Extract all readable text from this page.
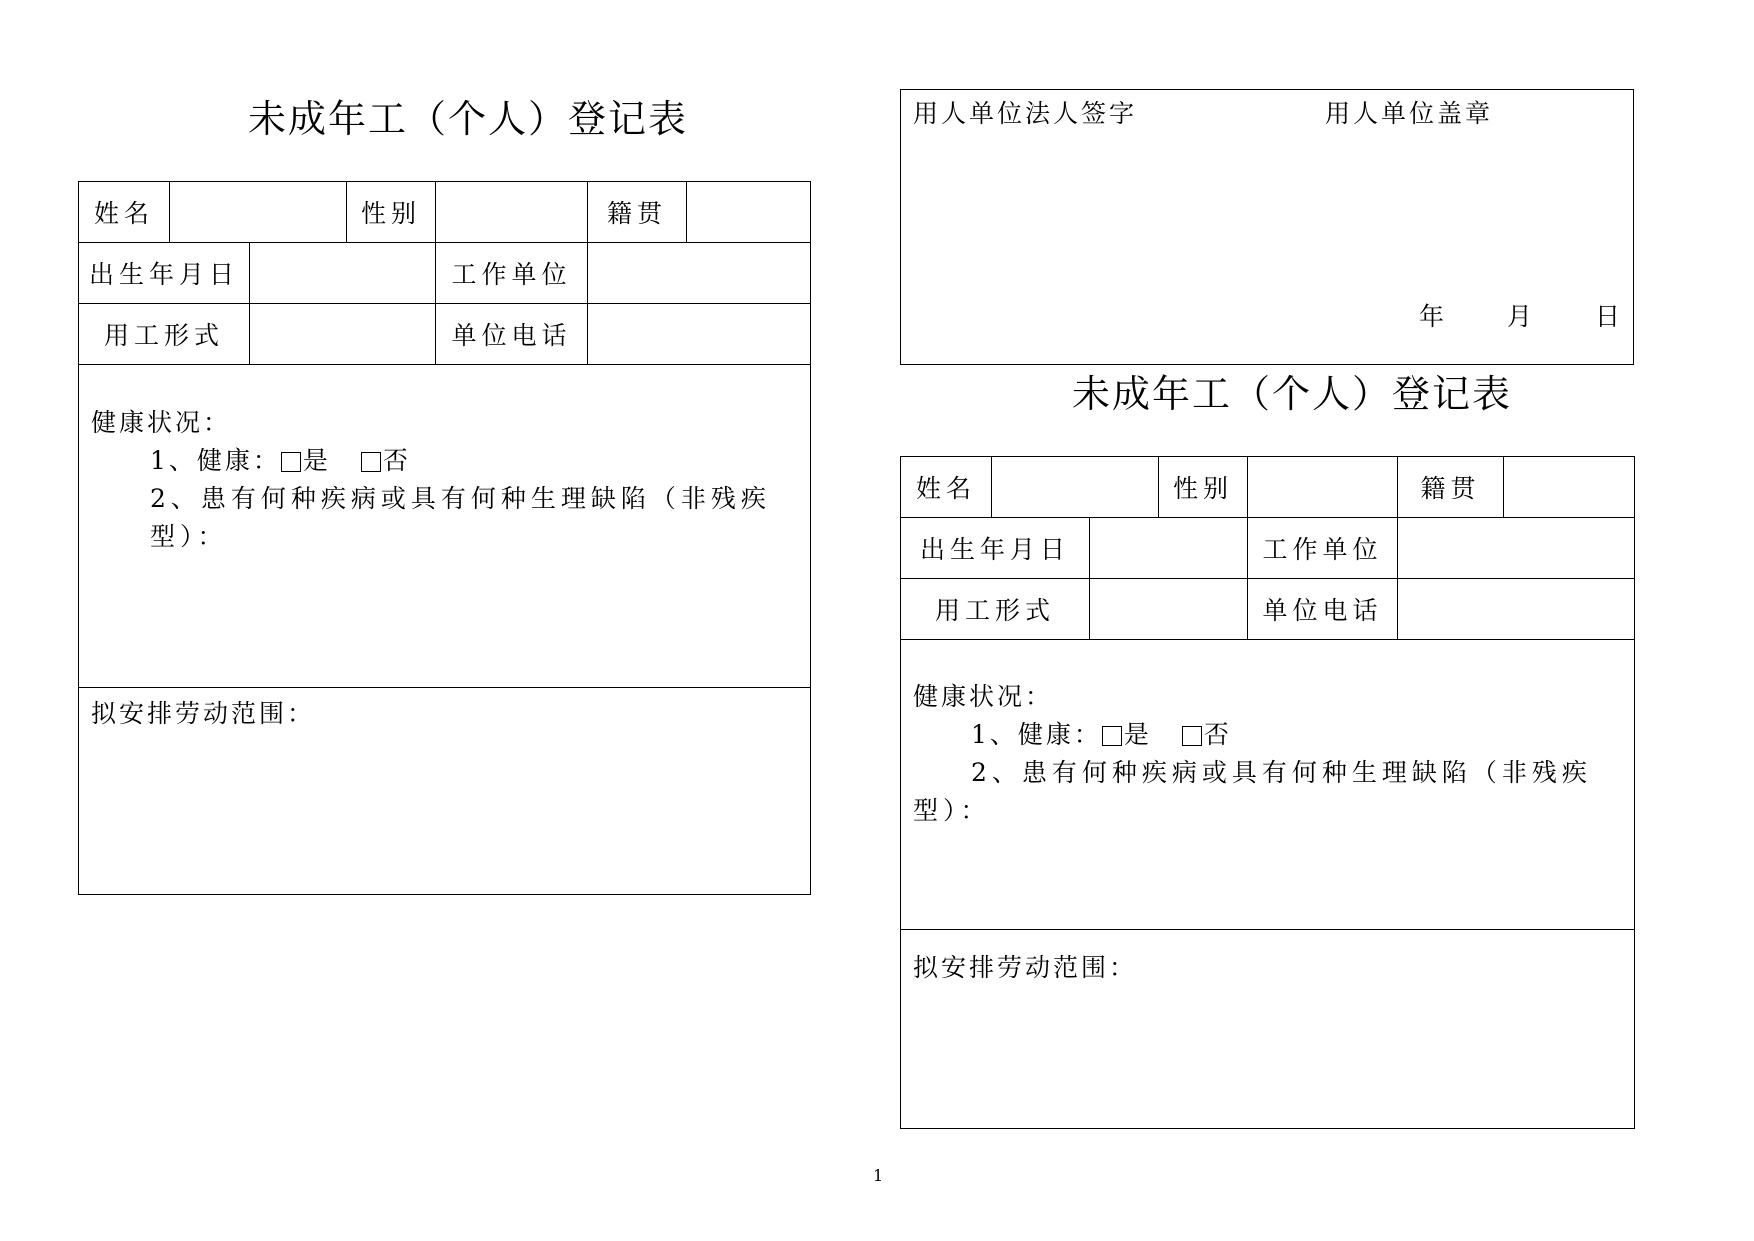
未成年工（个人）登记表
姓名	性别	籍贯
出生年月日	工作单位
用工形式	单位电话
健康状况：
1、健康： 是 否
2、患有何种疾病或具有何种生理缺陷（非残疾
型）：
拟安排劳动范围：
用人单位法人签字	用人单位盖章
年	月	日
未成年工（个人）登记表
姓名	性别	籍贯
出生年月日	工作单位
用工形式	单位电话
健康状况：
1、健康： 是 否
2、患有何种疾病或具有何种生理缺陷（非残疾
型）：
拟安排劳动范围：
1
